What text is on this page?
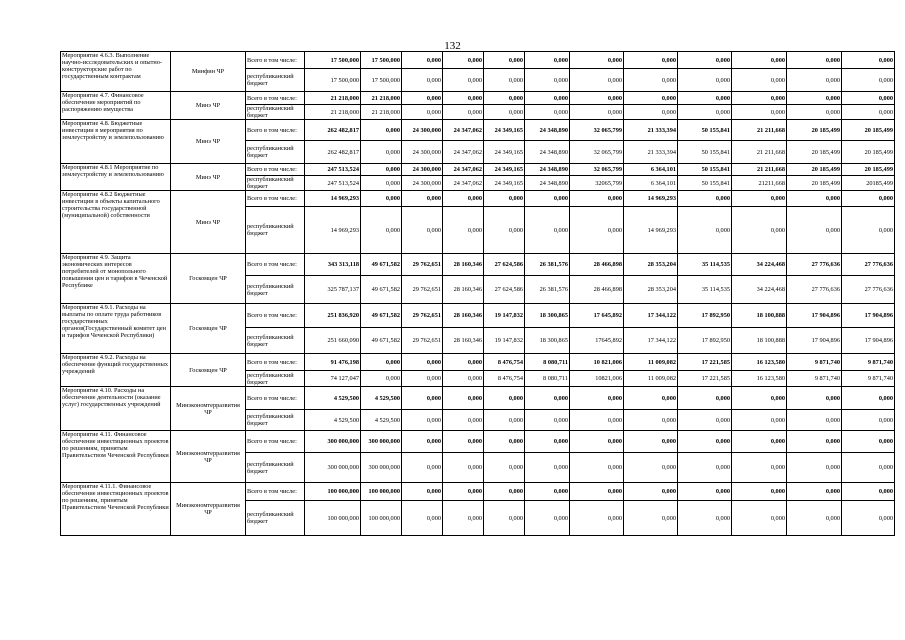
132
Мероприятие 4.6.3. Выполнение научно-исследовательских и опытно-конструкторские работ по государственным контрактам	Минфин ЧР	Всего в том числе:	17 500,000	17 500,000	0,000	0,000	0,000	0,000	0,000	0,000	0,000	0,000	0,000	0,000
		республиканский бюджет	17 500,000	17 500,000	0,000	0,000	0,000	0,000	0,000	0,000	0,000	0,000	0,000	0,000
Мероприятие 4.7. Финансовое обеспечение мероприятий по распоряжению имущества	Минэ ЧР	Всего в том числе:	21 218,000	21 218,000	0,000	0,000	0,000	0,000	0,000	0,000	0,000	0,000	0,000	0,000
		республиканский бюджет	21 218,000	21 218,000	0,000	0,000	0,000	0,000	0,000	0,000	0,000	0,000	0,000	0,000
Мероприятие 4.8. Бюджетные инвестиции в мероприятия по землеустройству и землепользованию	Минэ ЧР	Всего в том числе:	262 482,817	0,000	24 300,000	24 347,062	24 349,165	24 348,890	32 065,799	21 333,394	50 155,841	21 211,668	20 185,499	20 185,499
		республиканский бюджет	262 482,817	0,000	24 300,000	24 347,062	24 349,165	24 348,890	32 065,799	21 333,394	50 155,841	21 211,668	20 185,499	20 185,499
Мероприятие 4.8.1 Мероприятие по землеустройству и землепользованию	Минэ ЧР	Всего в том числе:	247 513,524	0,000	24 300,000	24 347,062	24 349,165	24 348,890	32 065,799	6 364,101	50 155,841	21 211,668	20 185,499	20 185,499
		республиканский бюджет	247 513,524	0,000	24 300,000	24 347,062	24 349,165	24 348,890	32065,799	6 364,101	50 155,841	21211,668	20 185,499	20185,499
Мероприятие 4.8.2 Бюджетные инвестиции в объекты капитального строительства государственной (муниципальной) собственности	Минэ ЧР	Всего в том числе:	14 969,293	0,000	0,000	0,000	0,000	0,000	0,000	14 969,293	0,000	0,000	0,000	0,000
		республиканский бюджет	14 969,293	0,000	0,000	0,000	0,000	0,000	0,000	14 969,293	0,000	0,000	0,000	0,000
Мероприятие 4.9. Защита экономических интересов потребителей от монопольного повышения цен и тарифов в Чеченской Республике	Госкомцен ЧР	Всего в том числе:	343 313,118	49 671,582	29 762,651	28 160,346	27 624,586	26 381,576	28 466,898	28 353,204	35 114,535	34 224,468	27 776,636	27 776,636
		республиканский бюджет	325 787,137	49 671,582	29 762,651	28 160,346	27 624,586	26 381,576	28 466,898	28 353,204	35 114,535	34 224,468	27 776,636	27 776,636
Мероприятие 4.9.1. Расходы на выплаты по оплате труда работников государственных органов(Государственный комитет цен и тарифов Чеченской Республики)	Госкомцен ЧР	Всего в том числе:	251 836,920	49 671,582	29 762,651	28 160,346	19 147,832	18 300,865	17 645,892	17 344,122	17 892,950	18 100,888	17 904,896	17 904,896
		республиканский бюджет	251 660,090	49 671,582	29 762,651	28 160,346	19 147,832	18 300,865	17645,892	17 344,122	17 892,950	18 100,888	17 904,896	17 904,896
Мероприятие 4.9.2. Расходы на обеспечение функций государственных учреждений	Госкомцен ЧР	Всего в том числе:	91 476,198	0,000	0,000	0,000	8 476,754	8 080,711	10 821,006	11 009,082	17 221,585	16 123,580	9 871,740	9 871,740
		республиканский бюджет	74 127,047	0,000	0,000	0,000	8 476,754	8 080,711	10821,006	11 009,082	17 221,585	16 123,580	9 871,740	9 871,740
Мероприятие 4.10. Расходы на обеспечение деятельности (оказание услуг) государственных учреждений	Минэкономтерразвития ЧР	Всего в том числе:	4 529,500	4 529,500	0,000	0,000	0,000	0,000	0,000	0,000	0,000	0,000	0,000	0,000
		республиканский бюджет	4 529,500	4 529,500	0,000	0,000	0,000	0,000	0,000	0,000	0,000	0,000	0,000	0,000
Мероприятие 4.11. Финансовое обеспечение инвестиционных проектов по решениям, принятым Правительством Чеченской Республики	Минэкономтерразвития ЧР	Всего в том числе:	300 000,000	300 000,000	0,000	0,000	0,000	0,000	0,000	0,000	0,000	0,000	0,000	0,000
		республиканский бюджет	300 000,000	300 000,000	0,000	0,000	0,000	0,000	0,000	0,000	0,000	0,000	0,000	0,000
Мероприятие 4.11.1. Финансовое обеспечение инвестиционных проектов по решениям, принятым Правительством Чеченской Республики	Минэкономтерразвития ЧР	Всего в том числе:	100 000,000	100 000,000	0,000	0,000	0,000	0,000	0,000	0,000	0,000	0,000	0,000	0,000
		республиканский бюджет	100 000,000	100 000,000	0,000	0,000	0,000	0,000	0,000	0,000	0,000	0,000	0,000	0,000
